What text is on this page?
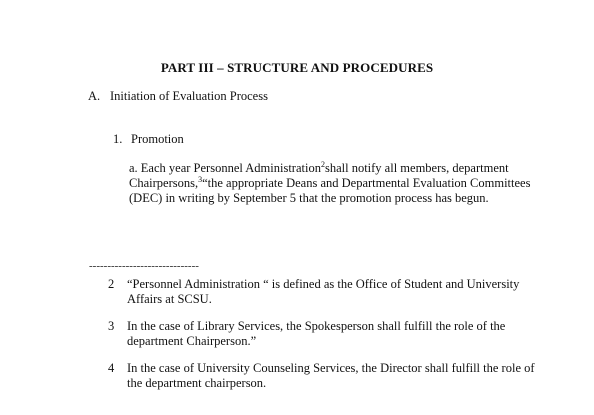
PART III – STRUCTURE AND PROCEDURES
A. Initiation of Evaluation Process
1. Promotion
a. Each year Personnel Administration$^2$shall notify all members, department Chairpersons,$^3$“the appropriate Deans and Departmental Evaluation Committees (DEC) in writing by September 5 that the promotion process has begun.
------------------------------
2 “Personnel Administration “ is defined as the Office of Student and University Affairs at SCSU.
3 In the case of Library Services, the Spokesperson shall fulfill the role of the department Chairperson.”
4 In the case of University Counseling Services, the Director shall fulfill the role of the department chairperson.
